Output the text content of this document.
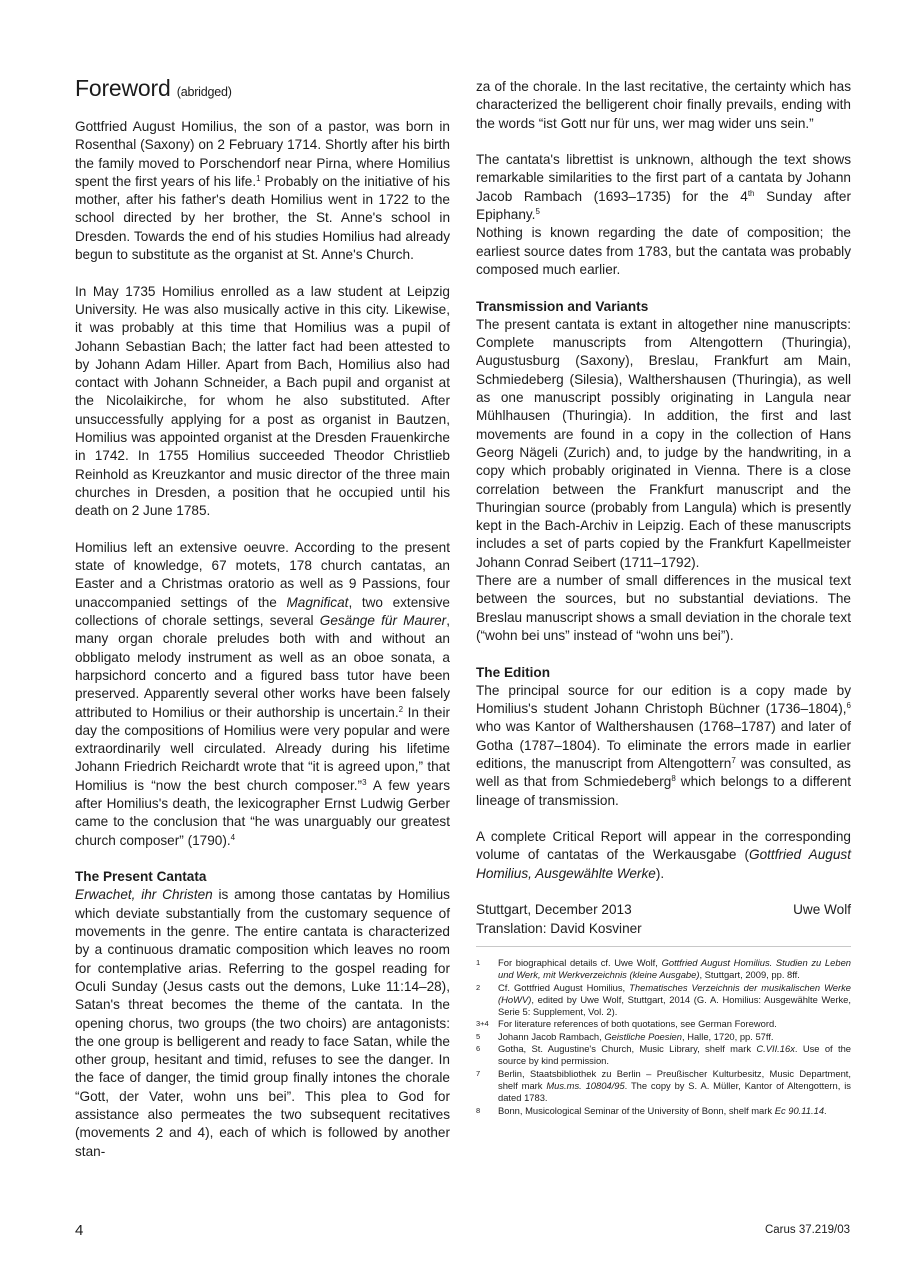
Foreword (abridged)

Gottfried August Homilius, the son of a pastor, was born in Rosenthal (Saxony) on 2 February 1714. Shortly after his birth the family moved to Porschendorf near Pirna, where Homilius spent the first years of his life.$^1$ Probably on the initiative of his mother, after his father's death Homilius went in 1722 to the school directed by her brother, the St. Anne's school in Dresden. Towards the end of his studies Homilius had already begun to substitute as the organist at St. Anne's Church.

In May 1735 Homilius enrolled as a law student at Leipzig University. He was also musically active in this city. Likewise, it was probably at this time that Homilius was a pupil of Johann Sebastian Bach; the latter fact had been attested to by Johann Adam Hiller. Apart from Bach, Homilius also had contact with Johann Schneider, a Bach pupil and organist at the Nicolaikirche, for whom he also substituted. After unsuccessfully applying for a post as organist in Bautzen, Homilius was appointed organist at the Dresden Frauenkirche in 1742. In 1755 Homilius succeeded Theodor Christlieb Reinhold as Kreuzkantor and music director of the three main churches in Dresden, a position that he occupied until his death on 2 June 1785.

Homilius left an extensive oeuvre. According to the present state of knowledge, 67 motets, 178 church cantatas, an Easter and a Christmas oratorio as well as 9 Passions, four unaccompanied settings of the Magnificat, two extensive collections of chorale settings, several Gesänge für Maurer, many organ chorale preludes both with and without an obbligato melody instrument as well as an oboe sonata, a harpsichord concerto and a figured bass tutor have been preserved. Apparently several other works have been falsely attributed to Homilius or their authorship is uncertain.$^2$ In their day the compositions of Homilius were very popular and were extraordinarily well circulated. Already during his lifetime Johann Friedrich Reichardt wrote that “it is agreed upon,” that Homilius is “now the best church composer.”$^3$ A few years after Homilius's death, the lexicographer Ernst Ludwig Gerber came to the conclusion that “he was unarguably our greatest church composer” (1790).$^4$

The Present Cantata

Erwachet, ihr Christen is among those cantatas by Homilius which deviate substantially from the customary sequence of movements in the genre. The entire cantata is characterized by a continuous dramatic composition which leaves no room for contemplative arias. Referring to the gospel reading for Oculi Sunday (Jesus casts out the demons, Luke 11:14–28), Satan's threat becomes the theme of the cantata. In the opening chorus, two groups (the two choirs) are antagonists: the one group is belligerent and ready to face Satan, while the other group, hesitant and timid, refuses to see the danger. In the face of danger, the timid group finally intones the chorale “Gott, der Vater, wohn uns bei”. This plea to God for assistance also permeates the two subsequent recitatives (movements 2 and 4), each of which is followed by another stan-

za of the chorale. In the last recitative, the certainty which has characterized the belligerent choir finally prevails, ending with the words “ist Gott nur für uns, wer mag wider uns sein.”

The cantata's librettist is unknown, although the text shows remarkable similarities to the first part of a cantata by Johann Jacob Rambach (1693–1735) for the 4th Sunday after Epiphany.$^5$

Nothing is known regarding the date of composition; the earliest source dates from 1783, but the cantata was probably composed much earlier.

Transmission and Variants

The present cantata is extant in altogether nine manuscripts: Complete manuscripts from Altengottern (Thuringia), Augustusburg (Saxony), Breslau, Frankfurt am Main, Schmiedeberg (Silesia), Walthershausen (Thuringia), as well as one manuscript possibly originating in Langula near Mühlhausen (Thuringia). In addition, the first and last movements are found in a copy in the collection of Hans Georg Nägeli (Zurich) and, to judge by the handwriting, in a copy which probably originated in Vienna. There is a close correlation between the Frankfurt manuscript and the Thuringian source (probably from Langula) which is presently kept in the Bach-Archiv in Leipzig. Each of these manuscripts includes a set of parts copied by the Frankfurt Kapellmeister Johann Conrad Seibert (1711–1792).

There are a number of small differences in the musical text between the sources, but no substantial deviations. The Breslau manuscript shows a small deviation in the chorale text (“wohn bei uns” instead of “wohn uns bei”).

The Edition

The principal source for our edition is a copy made by Homilius's student Johann Christoph Büchner (1736–1804),$^6$ who was Kantor of Walthershausen (1768–1787) and later of Gotha (1787–1804). To eliminate the errors made in earlier editions, the manuscript from Altengottern$^7$ was consulted, as well as that from Schmiedeberg$^8$ which belongs to a different lineage of transmission.

A complete Critical Report will appear in the corresponding volume of cantatas of the Werkausgabe (Gottfried August Homilius, Ausgewählte Werke).

Stuttgart, December 2013	Uwe Wolf

Translation: David Kosviner

1	For biographical details cf. Uwe Wolf, Gottfried August Homilius. Studien zu Leben und Werk, mit Werkverzeichnis (kleine Ausgabe), Stuttgart, 2009, pp. 8ff.
2	Cf. Gottfried August Homilius, Thematisches Verzeichnis der musikalischen Werke (HoWV), edited by Uwe Wolf, Stuttgart, 2014 (G. A. Homilius: Ausgewählte Werke, Serie 5: Supplement, Vol. 2).
3+4 For literature references of both quotations, see German Foreword.
5	Johann Jacob Rambach, Geistliche Poesien, Halle, 1720, pp. 57ff.
6	Gotha, St. Augustine's Church, Music Library, shelf mark C.VII.16x. Use of the source by kind permission.
7	Berlin, Staatsbibliothek zu Berlin – Preußischer Kulturbesitz, Music Department, shelf mark Mus.ms. 10804/95. The copy by S. A. Müller, Kantor of Altengottern, is dated 1783.
8	Bonn, Musicological Seminar of the University of Bonn, shelf mark Ec 90.11.14.
4	Carus 37.219/03
